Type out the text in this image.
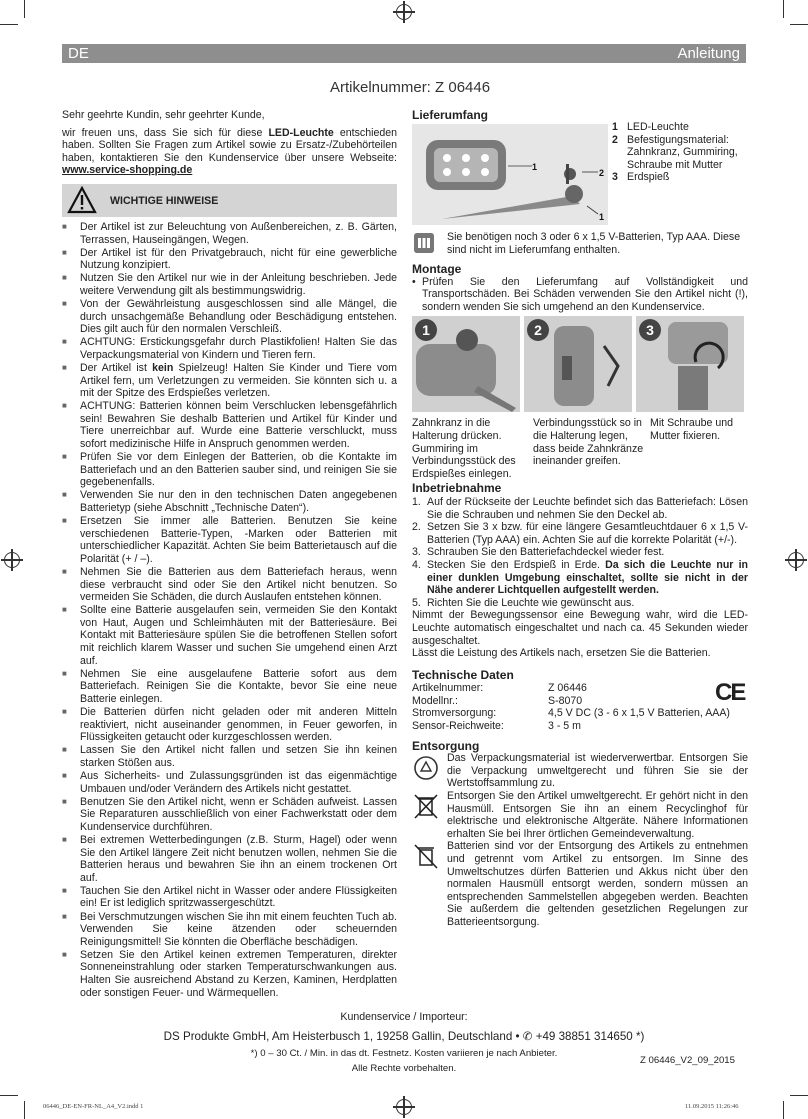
DE	Anleitung
Artikelnummer: Z 06446

Sehr geehrte Kundin, sehr geehrter Kunde,

wir freuen uns, dass Sie sich für diese LED-Leuchte entschieden haben. Sollten Sie Fragen zum Artikel sowie zu Ersatz-/Zubehörteilen haben, kontaktieren Sie den Kundenservice über unsere Webseite: www.service-shopping.de

WICHTIGE HINWEISE
■ Der Artikel ist zur Beleuchtung von Außenbereichen, z. B. Gärten, Terrassen, Hauseingängen, Wegen.
■ Der Artikel ist für den Privatgebrauch, nicht für eine gewerbliche Nutzung konzipiert.
■ Nutzen Sie den Artikel nur wie in der Anleitung beschrieben. Jede weitere Verwendung gilt als bestimmungswidrig.
■ Von der Gewährleistung ausgeschlossen sind alle Mängel, die durch unsachgemäße Behandlung oder Beschädigung entstehen. Dies gilt auch für den normalen Verschleiß.
■ ACHTUNG: Erstickungsgefahr durch Plastikfolien! Halten Sie das Verpackungsmaterial von Kindern und Tieren fern.
■ Der Artikel ist kein Spielzeug! Halten Sie Kinder und Tiere vom Artikel fern, um Verletzungen zu vermeiden. Sie könnten sich u. a mit der Spitze des Erdspießes verletzen.
■ ACHTUNG: Batterien können beim Verschlucken lebensgefährlich sein! Bewahren Sie deshalb Batterien und Artikel für Kinder und Tiere unerreichbar auf. Wurde eine Batterie verschluckt, muss sofort medizinische Hilfe in Anspruch genommen werden.
■ Prüfen Sie vor dem Einlegen der Batterien, ob die Kontakte im Batteriefach und an den Batterien sauber sind, und reinigen Sie sie gegebenenfalls.
■ Verwenden Sie nur den in den technischen Daten angegebenen Batterietyp (siehe Abschnitt „Technische Daten“).
■ Ersetzen Sie immer alle Batterien. Benutzen Sie keine verschiedenen Batterie-Typen, -Marken oder Batterien mit unterschiedlicher Kapazität. Achten Sie beim Batterietausch auf die Polarität (+ / –).
■ Nehmen Sie die Batterien aus dem Batteriefach heraus, wenn diese verbraucht sind oder Sie den Artikel nicht benutzen. So vermeiden Sie Schäden, die durch Auslaufen entstehen können.
■ Sollte eine Batterie ausgelaufen sein, vermeiden Sie den Kontakt von Haut, Augen und Schleimhäuten mit der Batteriesäure. Bei Kontakt mit Batteriesäure spülen Sie die betroffenen Stellen sofort mit reichlich klarem Wasser und suchen Sie umgehend einen Arzt auf.
■ Nehmen Sie eine ausgelaufene Batterie sofort aus dem Batteriefach. Reinigen Sie die Kontakte, bevor Sie eine neue Batterie einlegen.
■ Die Batterien dürfen nicht geladen oder mit anderen Mitteln reaktiviert, nicht auseinander genommen, in Feuer geworfen, in Flüssigkeiten getaucht oder kurzgeschlossen werden.
■ Lassen Sie den Artikel nicht fallen und setzen Sie ihn keinen starken Stößen aus.
■ Aus Sicherheits- und Zulassungsgründen ist das eigenmächtige Umbauen und/oder Verändern des Artikels nicht gestattet.
■ Benutzen Sie den Artikel nicht, wenn er Schäden aufweist. Lassen Sie Reparaturen ausschließlich von einer Fachwerkstatt oder dem Kundenservice durchführen.
■ Bei extremen Wetterbedingungen (z.B. Sturm, Hagel) oder wenn Sie den Artikel längere Zeit nicht benutzen wollen, nehmen Sie die Batterien heraus und bewahren Sie ihn an einem trockenen Ort auf.
■ Tauchen Sie den Artikel nicht in Wasser oder andere Flüssigkeiten ein! Er ist lediglich spritzwassergeschützt.
■ Bei Verschmutzungen wischen Sie ihn mit einem feuchten Tuch ab. Verwenden Sie keine ätzenden oder scheuernden Reinigungsmittel! Sie könnten die Oberfläche beschädigen.
■ Setzen Sie den Artikel keinen extremen Temperaturen, direkter Sonneneinstrahlung oder starken Temperaturschwankungen aus. Halten Sie ausreichend Abstand zu Kerzen, Kaminen, Herdplatten oder sonstigen Feuer- und Wärmequellen.
Lieferumfang
1
2
1
1 LED-Leuchte
2 Befestigungsmaterial: Zahnkranz, Gummiring, Schraube mit Mutter
3 Erdspieß
Sie benötigen noch 3 oder 6 x 1,5 V-Batterien, Typ AAA. Diese sind nicht im Lieferumfang enthalten.
Montage

• Prüfen Sie den Lieferumfang auf Vollständigkeit und Transportschäden. Bei Schäden verwenden Sie den Artikel nicht (!), sondern wenden Sie sich umgehend an den Kundenservice.

1	2	3
Zahnkranz in die Halterung drücken. Gummiring im Verbindungsstück des Erdspießes einlegen.
Verbindungsstück so in die Halterung legen, dass beide Zahnkränze ineinander greifen.
Mit Schraube und Mutter fixieren.
Inbetriebnahme
1. Auf der Rückseite der Leuchte befindet sich das Batteriefach: Lösen Sie die Schrauben und nehmen Sie den Deckel ab.
2. Setzen Sie 3 x bzw. für eine längere Gesamtleuchtdauer 6 x 1,5 V-Batterien (Typ AAA) ein. Achten Sie auf die korrekte Polarität (+/-).
3. Schrauben Sie den Batteriefachdeckel wieder fest.
4. Stecken Sie den Erdspieß in Erde. Da sich die Leuchte nur in einer dunklen Umgebung einschaltet, sollte sie nicht in der Nähe anderer Lichtquellen aufgestellt werden.
5. Richten Sie die Leuchte wie gewünscht aus.

Nimmt der Bewegungssensor eine Bewegung wahr, wird die LED-Leuchte automatisch eingeschaltet und nach ca. 45 Sekunden wieder ausgeschaltet.

Lässt die Leistung des Artikels nach, ersetzen Sie die Batterien.

Technische Daten
Artikelnummer:	Z 06446
Modellnr.:	S-8070
Stromversorgung:	4,5 V DC (3 - 6 x 1,5 V Batterien, AAA)
Sensor-Reichweite:	3 - 5 m
CE
Entsorgung
Das Verpackungsmaterial ist wiederverwertbar. Entsorgen Sie die Verpackung umweltgerecht und führen Sie sie der Wertstoffsammlung zu.
Entsorgen Sie den Artikel umweltgerecht. Er gehört nicht in den Hausmüll. Entsorgen Sie ihn an einem Recyclinghof für elektrische und elektronische Altgeräte. Nähere Informationen erhalten Sie bei Ihrer örtlichen Gemeindeverwaltung.
Batterien sind vor der Entsorgung des Artikels zu entnehmen und getrennt vom Artikel zu entsorgen. Im Sinne des Umweltschutzes dürfen Batterien und Akkus nicht über den normalen Hausmüll entsorgt werden, sondern müssen an entsprechenden Sammelstellen abgegeben werden. Beachten Sie außerdem die geltenden gesetzlichen Regelungen zur Batterieentsorgung.
Kundenservice / Importeur:
DS Produkte GmbH, Am Heisterbusch 1, 19258 Gallin, Deutschland • ✆ +49 38851 314650 *)
*) 0 – 30 Ct. / Min. in das dt. Festnetz. Kosten variieren je nach Anbieter.
Alle Rechte vorbehalten.
Z 06446_V2_09_2015
06446_DE-EN-FR-NL_A4_V2.indd 1	11.09.2015 11:26:46
